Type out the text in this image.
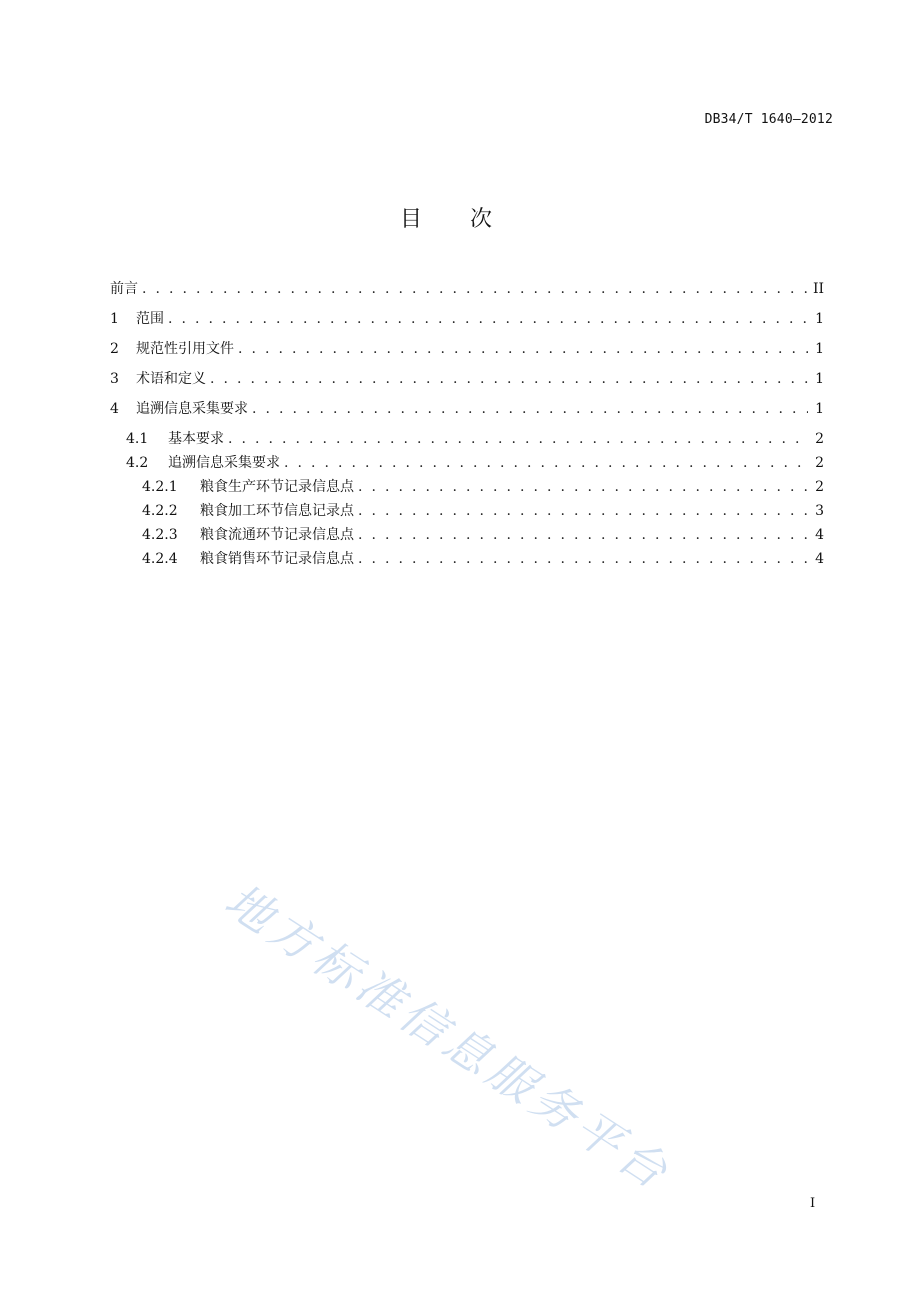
DB34/T 1640—2012
目次
前言 . . .	II
1	范围 . . .	1
2	规范性引用文件 . . .	1
3	术语和定义 . . .	1
4	追溯信息采集要求 . . .	1
4.1	基本要求 . . .	2
4.2	追溯信息采集要求 . . .	2
4.2.1	粮食生产环节记录信息点 . . .	2
4.2.2	粮食加工环节信息记录点 . . .	3
4.2.3	粮食流通环节记录信息点 . . .	4
4.2.4	粮食销售环节记录信息点 . . .	4
地方标准信息服务平台
I
